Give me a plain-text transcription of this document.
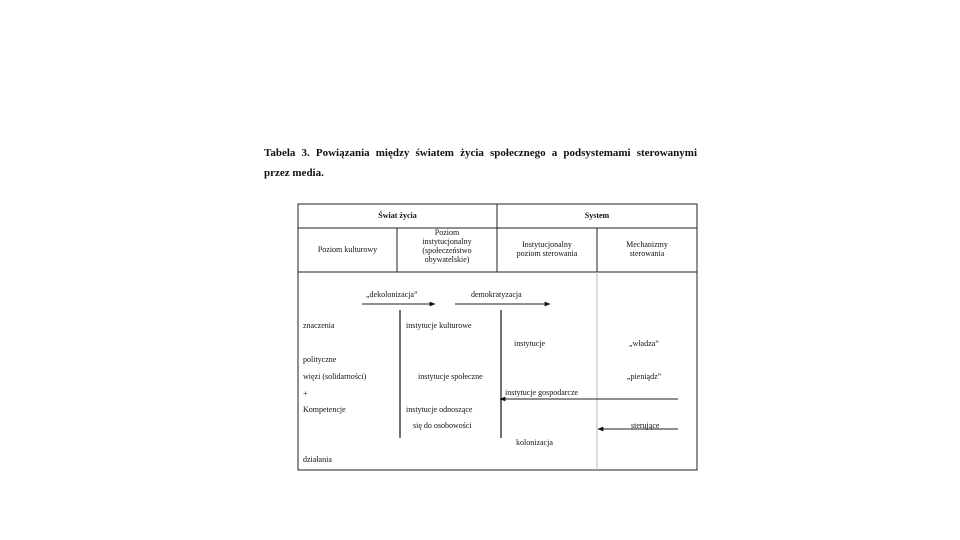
Tabela 3. Powiązania między światem życia społecznego a podsystemami sterowanymi
przez media.
Świat życia	System
Poziom kulturowy
Poziom
instytucjonalny
(społeczeństwo
obywatelskie)
Instytucjonalny
poziom sterowania
Mechanizmy
sterowania
„dekolonizacja”	demokratyzacja
znaczenia
polityczne
więzi (solidarności)
+
Kompetencje
działania
instytucje kulturowe
instytucje społeczne
instytucje odnoszące
się do osobowości
instytucje
instytucje gospodarcze
kolonizacja
„władza”
„pieniądz”
sterujące
